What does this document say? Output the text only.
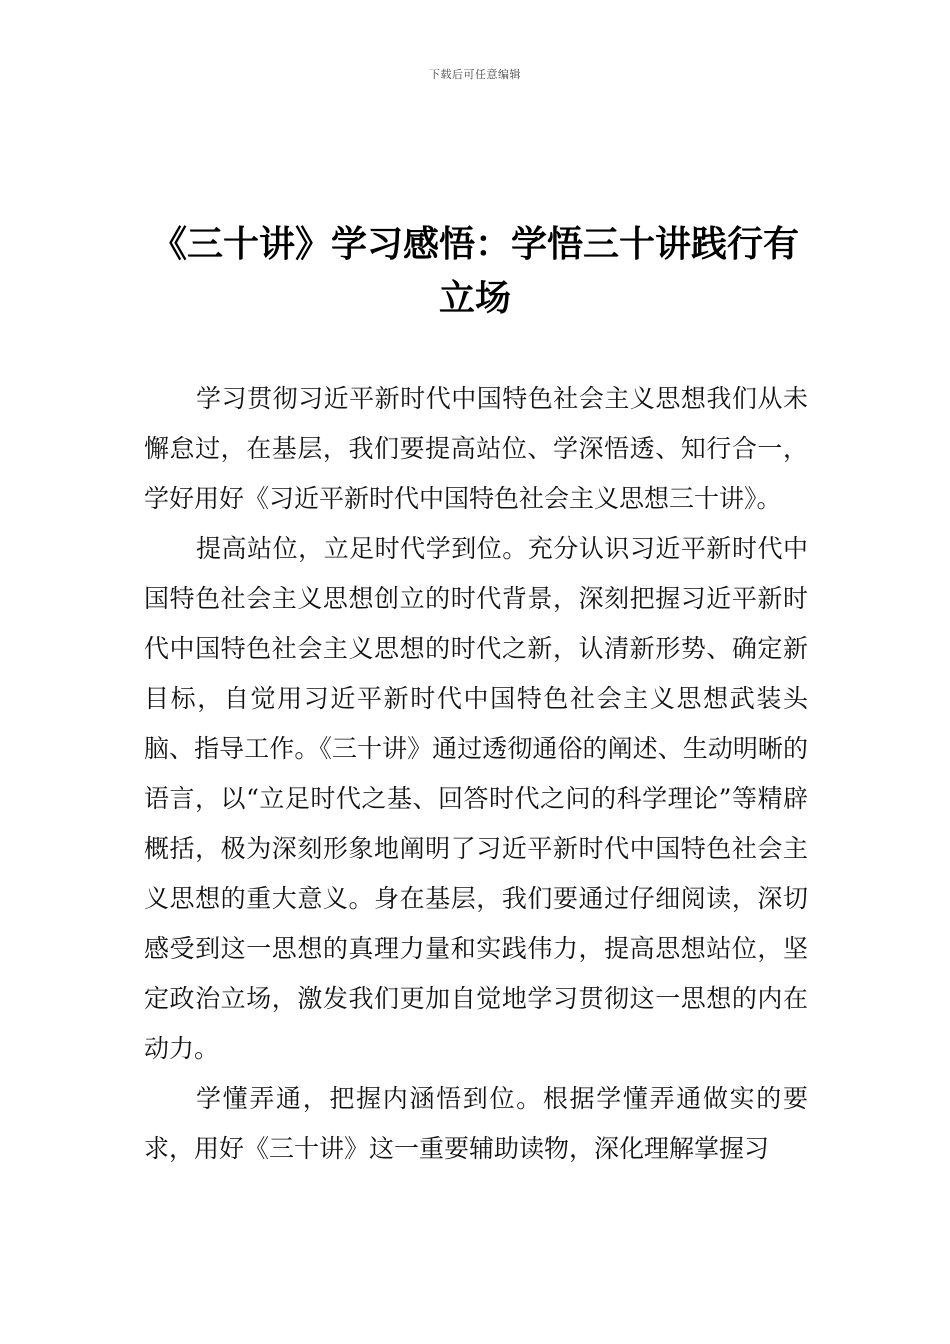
下载后可任意编辑
《三十讲》学习感悟：学悟三十讲践行有立场

学习贯彻习近平新时代中国特色社会主义思想我们从未懈怠过，在基层，我们要提高站位、学深悟透、知行合一，学好用好《习近平新时代中国特色社会主义思想三十讲》。

提高站位，立足时代学到位。充分认识习近平新时代中国特色社会主义思想创立的时代背景，深刻把握习近平新时代中国特色社会主义思想的时代之新，认清新形势、确定新目标，自觉用习近平新时代中国特色社会主义思想武装头脑、指导工作。《三十讲》通过透彻通俗的阐述、生动明晰的语言，以“立足时代之基、回答时代之问的科学理论”等精辟概括，极为深刻形象地阐明了习近平新时代中国特色社会主义思想的重大意义。身在基层，我们要通过仔细阅读，深切感受到这一思想的真理力量和实践伟力，提高思想站位，坚定政治立场，激发我们更加自觉地学习贯彻这一思想的内在动力。

学懂弄通，把握内涵悟到位。根据学懂弄通做实的要求，用好《三十讲》这一重要辅助读物，深化理解掌握习
